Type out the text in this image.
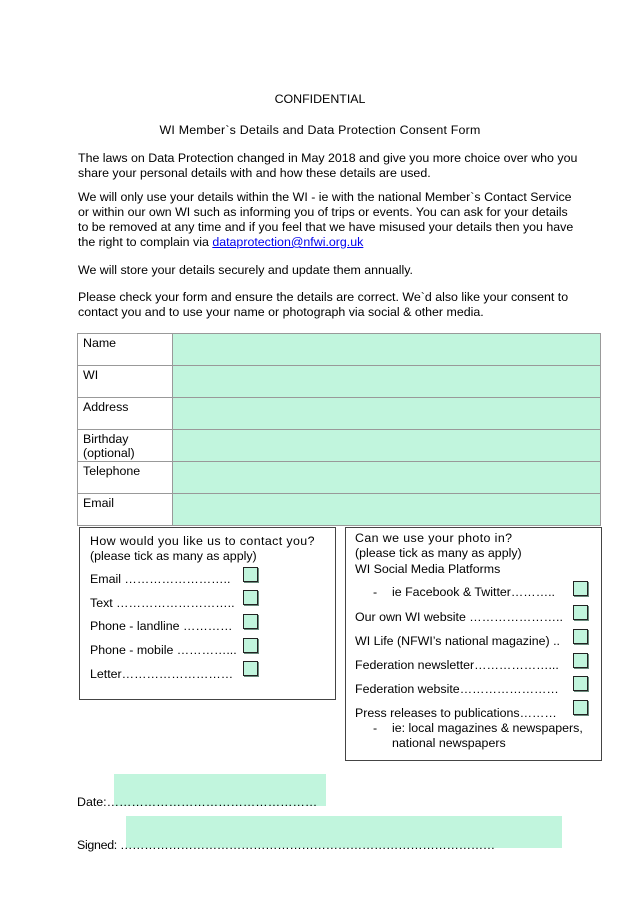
CONFIDENTIAL
WI Member`s Details and Data Protection Consent Form

The laws on Data Protection changed in May 2018 and give you more choice over who you share your personal details with and how these details are used.

We will only use your details within the WI - ie with the national Member`s Contact Service or within our own WI such as informing you of trips or events. You can ask for your details to be removed at any time and if you feel that we have misused your details then you have the right to complain via dataprotection@nfwi.org.uk

We will store your details securely and update them annually.

Please check your form and ensure the details are correct. We`d also like your consent to contact you and to use your name or photograph via social & other media.

Name	
WI	
Address	
Birthday (optional)	
Telephone	
Email	
How would you like us to contact you?
(please tick as many as apply)
Email ……………………..
Text ………………………..
Phone - landline …………
Phone - mobile …………...
Letter………………………
Can we use your photo in?
(please tick as many as apply)
WI Social Media Platforms
- ie Facebook & Twitter………..
Our own WI website …………………..
WI Life (NFWI’s national magazine) ..
Federation newsletter………………...
Federation website……………………
Press releases to publications………
- ie: local magazines & newspapers,
national newspapers
Date:……………………………………………
Signed: …………………………………………………………………………………
